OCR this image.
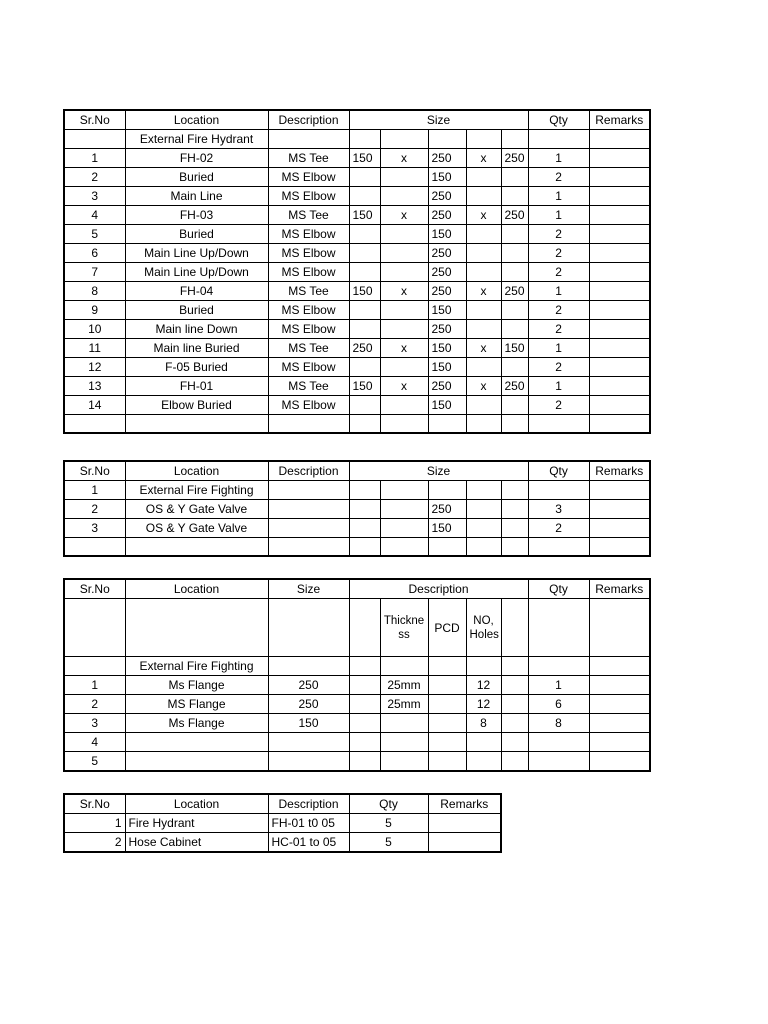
Sr.No	Location	Description	Size					Qty	Remarks
	External Fire Hydrant								
1	FH-02	MS Tee	150	x	250	x	250	1	
2	Buried	MS Elbow			150			2	
3	Main Line	MS Elbow			250			1	
4	FH-03	MS Tee	150	x	250	x	250	1	
5	Buried	MS Elbow			150			2	
6	Main Line Up/Down	MS Elbow			250			2	
7	Main Line Up/Down	MS Elbow			250			2	
8	FH-04	MS Tee	150	x	250	x	250	1	
9	Buried	MS Elbow			150			2	
10	Main line Down	MS Elbow			250			2	
11	Main line Buried	MS Tee	250	x	150	x	150	1	
12	F-05 Buried	MS Elbow			150			2	
13	FH-01	MS Tee	150	x	250	x	250	1	
14	Elbow Buried	MS Elbow			150			2	

Sr.No	Location	Description	Size					Qty	Remarks
1	External Fire Fighting								
2	OS & Y Gate Valve				250			3	
3	OS & Y Gate Valve				150			2	

Sr.No	Location	Size	Description					Qty	Remarks
				Thickness	PCD	NO, Holes			
	External Fire Fighting								
1	Ms Flange	250		25mm		12		1	
2	MS Flange	250		25mm		12		6	
3	Ms Flange	150				8		8	
4									
5									
Sr.No	Location	Description	Qty	Remarks
1	Fire Hydrant	FH-01 t0 05	5	
2	Hose Cabinet	HC-01 to 05	5	
